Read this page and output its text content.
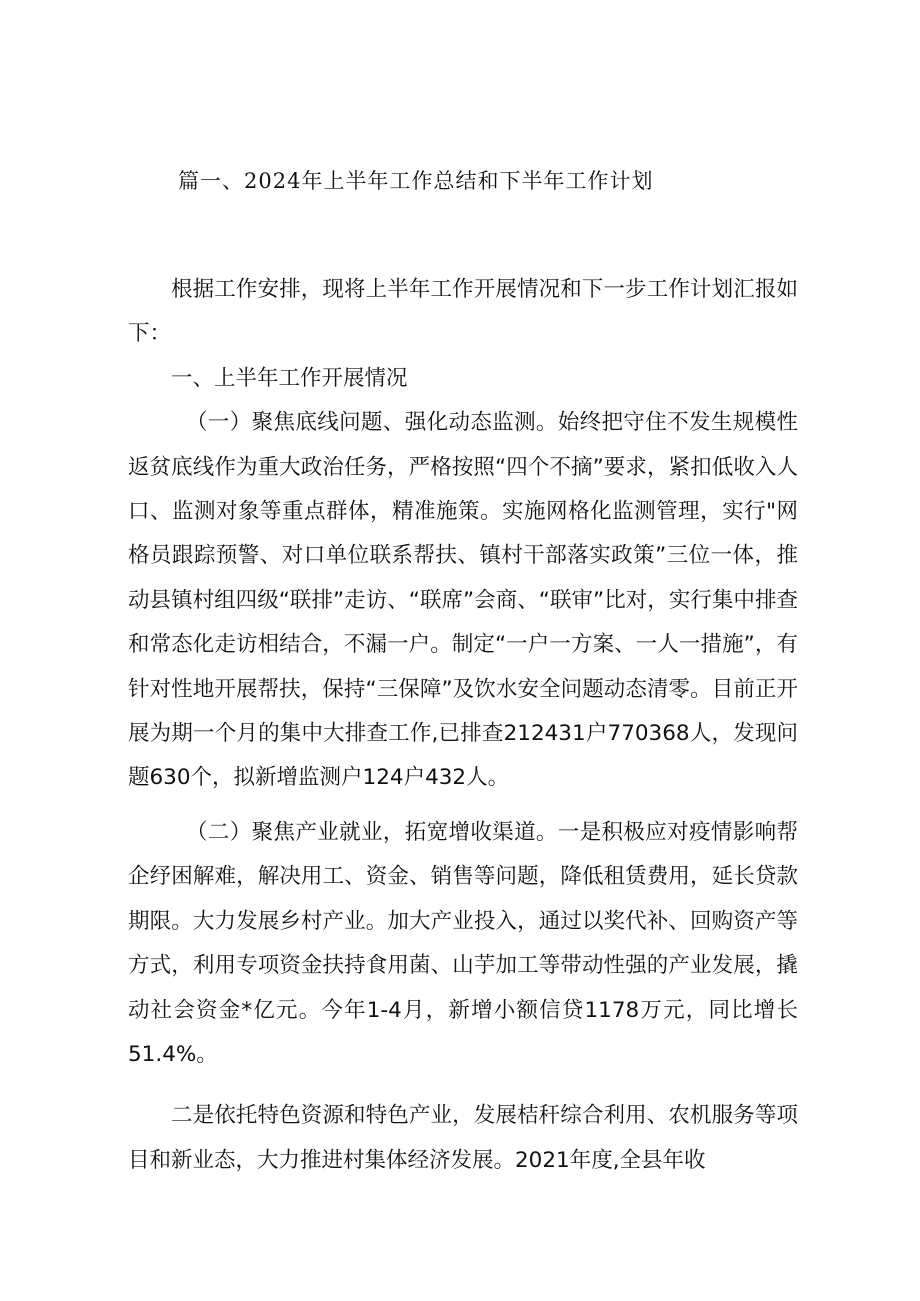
篇一、2024年上半年工作总结和下半年工作计划

根据工作安排，现将上半年工作开展情况和下一步工作计划汇报如下：

一、上半年工作开展情况

（一）聚焦底线问题、强化动态监测。始终把守住不发生规模性返贫底线作为重大政治任务，严格按照“四个不摘”要求，紧扣低收入人口、监测对象等重点群体，精准施策。实施网格化监测管理，实行"网格员跟踪预警、对口单位联系帮扶、镇村干部落实政策”三位一体，推动县镇村组四级“联排”走访、“联席”会商、“联审”比对，实行集中排查和常态化走访相结合，不漏一户。制定“一户一方案、一人一措施”，有针对性地开展帮扶，保持“三保障”及饮水安全问题动态清零。目前正开展为期一个月的集中大排查工作,已排查212431户770368人，发现问题630个，拟新增监测户124户432人。

（二）聚焦产业就业，拓宽增收渠道。一是积极应对疫情影响帮企纾困解难，解决用工、资金、销售等问题，降低租赁费用，延长贷款期限。大力发展乡村产业。加大产业投入，通过以奖代补、回购资产等方式，利用专项资金扶持食用菌、山芋加工等带动性强的产业发展，撬动社会资金*亿元。今年1-4月，新增小额信贷1178万元，同比增长51.4%。

二是依托特色资源和特色产业，发展桔秆综合利用、农机服务等项目和新业态，大力推进村集体经济发展。2021年度,全县年收
